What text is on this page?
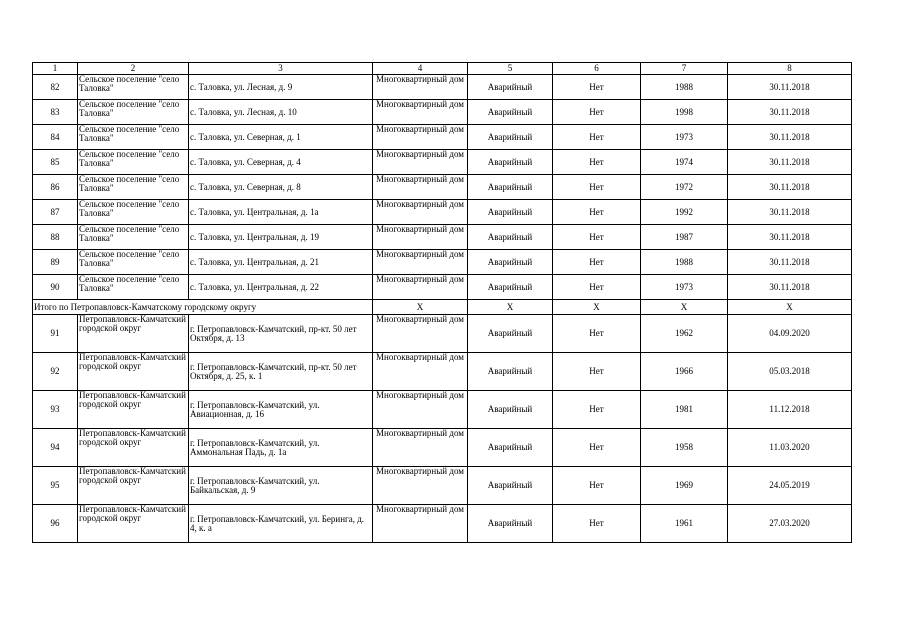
1	2	3	4	5	6	7	8
82	Сельское поселение "село Таловка"	с. Таловка, ул. Лесная, д. 9	Многоквартирный дом	Аварийный	Нет	1988	30.11.2018
83	Сельское поселение "село Таловка"	с. Таловка, ул. Лесная, д. 10	Многоквартирный дом	Аварийный	Нет	1998	30.11.2018
84	Сельское поселение "село Таловка"	с. Таловка, ул. Северная, д. 1	Многоквартирный дом	Аварийный	Нет	1973	30.11.2018
85	Сельское поселение "село Таловка"	с. Таловка, ул. Северная, д. 4	Многоквартирный дом	Аварийный	Нет	1974	30.11.2018
86	Сельское поселение "село Таловка"	с. Таловка, ул. Северная, д. 8	Многоквартирный дом	Аварийный	Нет	1972	30.11.2018
87	Сельское поселение "село Таловка"	с. Таловка, ул. Центральная, д. 1а	Многоквартирный дом	Аварийный	Нет	1992	30.11.2018
88	Сельское поселение "село Таловка"	с. Таловка, ул. Центральная, д. 19	Многоквартирный дом	Аварийный	Нет	1987	30.11.2018
89	Сельское поселение "село Таловка"	с. Таловка, ул. Центральная, д. 21	Многоквартирный дом	Аварийный	Нет	1988	30.11.2018
90	Сельское поселение "село Таловка"	с. Таловка, ул. Центральная, д. 22	Многоквартирный дом	Аварийный	Нет	1973	30.11.2018
Итого по Петропавловск-Камчатскому городскому округу			X	X	X	X	X
91	Петропавловск-Камчатский городской округ	г. Петропавловск-Камчатский, пр-кт. 50 лет Октября, д. 13	Многоквартирный дом	Аварийный	Нет	1962	04.09.2020
92	Петропавловск-Камчатский городской округ	г. Петропавловск-Камчатский, пр-кт. 50 лет Октября, д. 25, к. 1	Многоквартирный дом	Аварийный	Нет	1966	05.03.2018
93	Петропавловск-Камчатский городской округ	г. Петропавловск-Камчатский, ул. Авиационная, д. 16	Многоквартирный дом	Аварийный	Нет	1981	11.12.2018
94	Петропавловск-Камчатский городской округ	г. Петропавловск-Камчатский, ул. Аммональная Падь, д. 1а	Многоквартирный дом	Аварийный	Нет	1958	11.03.2020
95	Петропавловск-Камчатский городской округ	г. Петропавловск-Камчатский, ул. Байкальская, д. 9	Многоквартирный дом	Аварийный	Нет	1969	24.05.2019
96	Петропавловск-Камчатский городской округ	г. Петропавловск-Камчатский, ул. Беринга, д. 4, к. а	Многоквартирный дом	Аварийный	Нет	1961	27.03.2020
